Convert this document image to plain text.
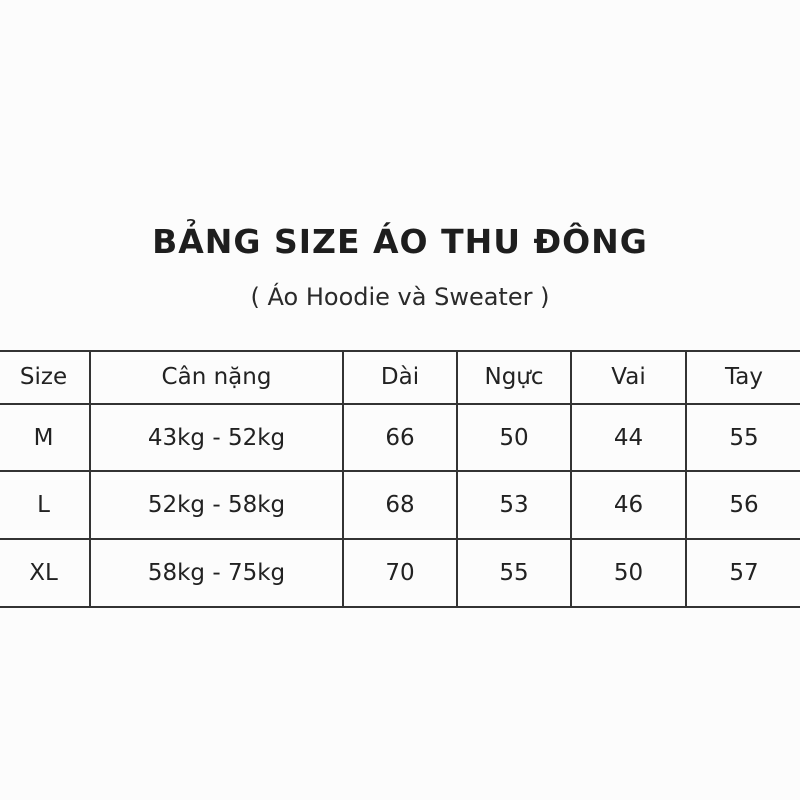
BẢNG SIZE ÁO THU ĐÔNG
( Áo Hoodie và Sweater )
Size	Cân nặng	Dài	Ngực	Vai	Tay
M	43kg - 52kg	66	50	44	55
L	52kg - 58kg	68	53	46	56
XL	58kg - 75kg	70	55	50	57
